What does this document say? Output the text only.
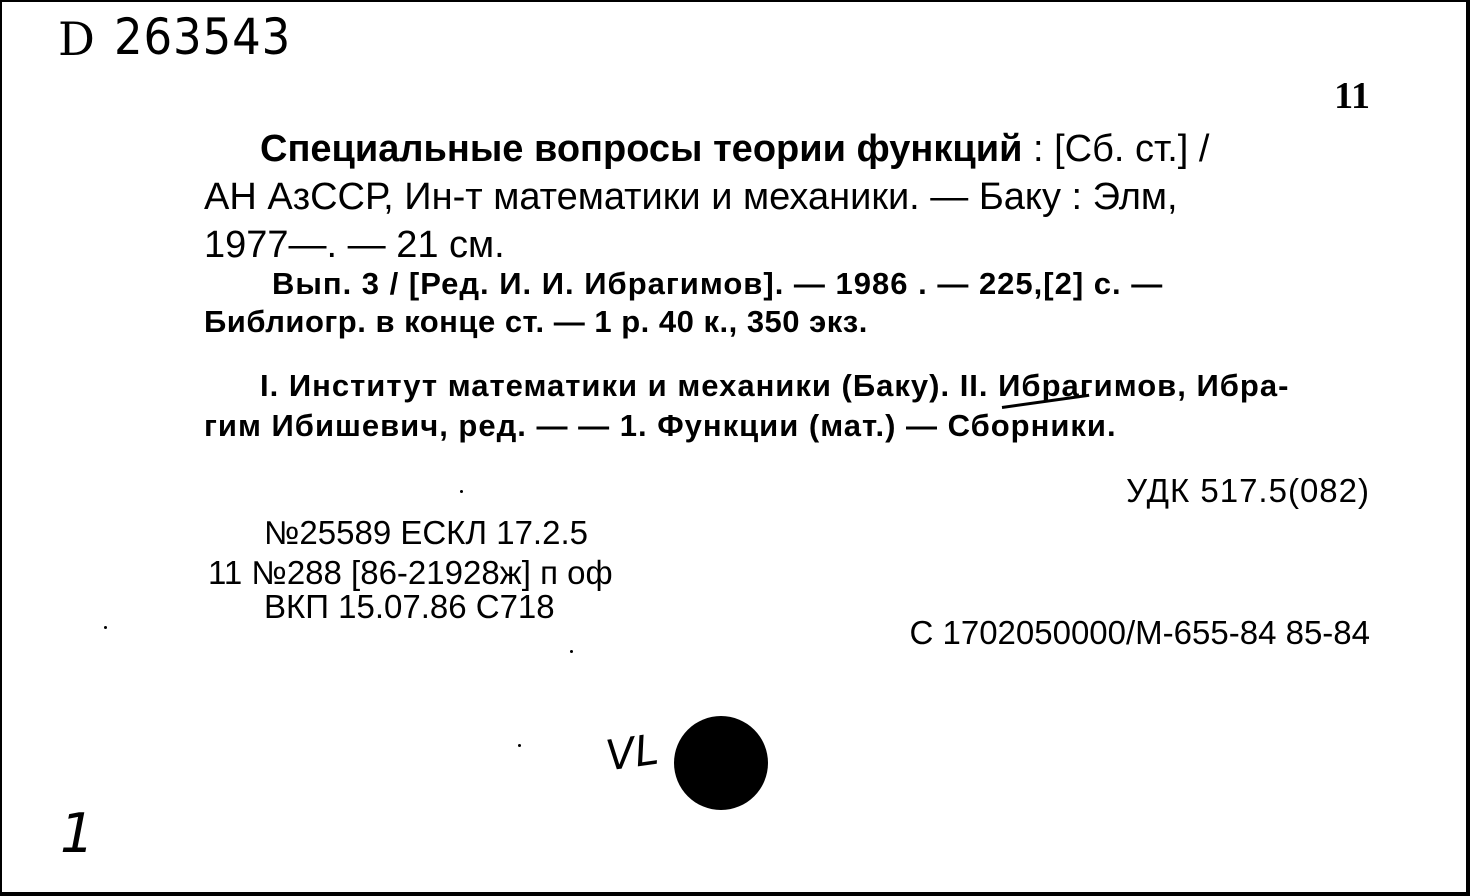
D 263543
11
Специальные вопросы теории функций : [Сб. ст.] /
АН АзССР, Ин-т математики и механики. — Баку : Элм,
1977—. — 21 см.
Вып. 3 / [Ред. И. И. Ибрагимов]. — 1986 . — 225,[2] с. —
Библиогр. в конце ст. — 1 р. 40 к., 350 экз.
I. Институт математики и механики (Баку). II. Ибрагимов, Ибра-
гим Ибишевич, ред. — — 1. Функции (мат.) — Сборники.
УДК 517.5(082)
№25589 ЕСКЛ 17.2.5
11 №288 [86-21928ж] п оф
ВКП 15.07.86 С718
С 1702050000/М-655-84 85-84
VL
1
